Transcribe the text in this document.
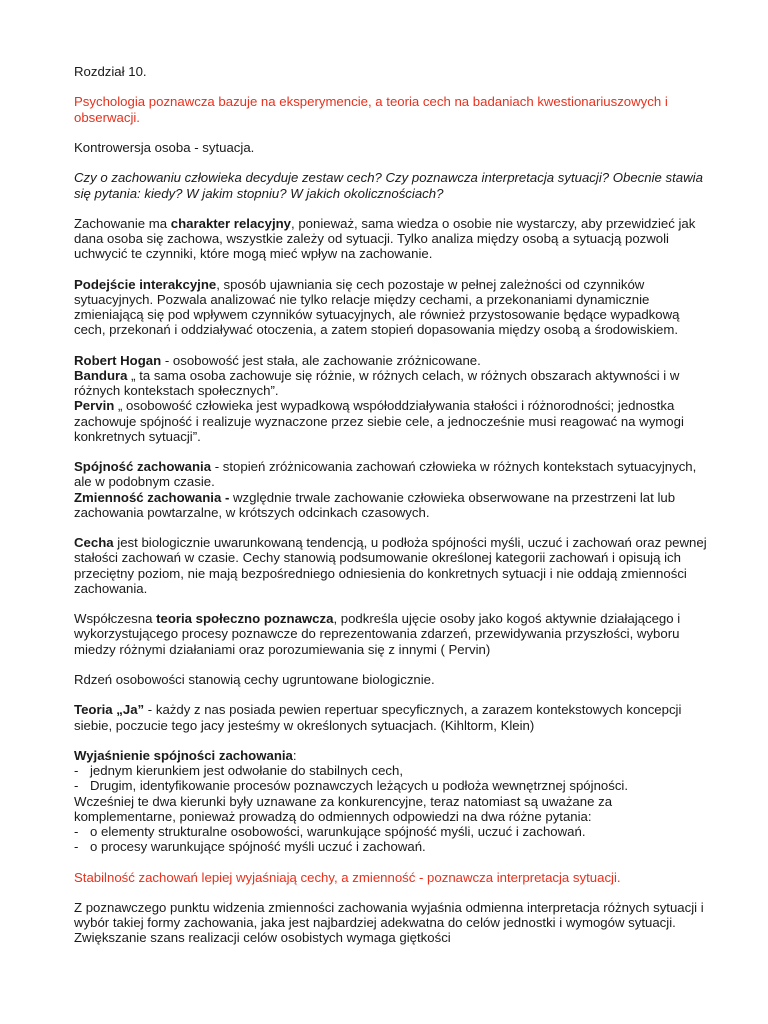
Rozdział 10.

Psychologia poznawcza bazuje na eksperymencie, a teoria cech na badaniach kwestionariuszowych i obserwacji.

Kontrowersja osoba - sytuacja.

Czy o zachowaniu człowieka decyduje zestaw cech? Czy poznawcza interpretacja sytuacji? Obecnie stawia się pytania: kiedy? W jakim stopniu? W jakich okolicznościach?

Zachowanie ma charakter relacyjny, ponieważ, sama wiedza o osobie nie wystarczy, aby przewidzieć jak dana osoba się zachowa, wszystkie zależy od sytuacji. Tylko analiza między osobą a sytuacją pozwoli uchwycić te czynniki, które mogą mieć wpływ na zachowanie.

Podejście interakcyjne, sposób ujawniania się cech pozostaje w pełnej zależności od czynników sytuacyjnych. Pozwala analizować nie tylko relacje między cechami, a przekonaniami dynamicznie zmieniającą się pod wpływem czynników sytuacyjnych, ale również przystosowanie będące wypadkową cech, przekonań i oddziaływać otoczenia, a zatem stopień dopasowania między osobą a środowiskiem.

Robert Hogan - osobowość jest stała, ale zachowanie zróżnicowane.
Bandura „ ta sama osoba zachowuje się różnie, w różnych celach, w różnych obszarach aktywności i w różnych kontekstach społecznych”.
Pervin „ osobowość człowieka jest wypadkową współoddziaływania stałości i różnorodności; jednostka zachowuje spójność i realizuje wyznaczone przez siebie cele, a jednocześnie musi reagować na wymogi konkretnych sytuacji”.

Spójność zachowania - stopień zróżnicowania zachowań człowieka w różnych kontekstach sytuacyjnych, ale w podobnym czasie.
Zmienność zachowania - względnie trwale zachowanie człowieka obserwowane na przestrzeni lat lub zachowania powtarzalne, w krótszych odcinkach czasowych.

Cecha jest biologicznie uwarunkowaną tendencją, u podłoża spójności myśli, uczuć i zachowań oraz pewnej stałości zachowań w czasie. Cechy stanowią podsumowanie określonej kategorii zachowań i opisują ich przeciętny poziom, nie mają bezpośredniego odniesienia do konkretnych sytuacji i nie oddają zmienności zachowania.

Współczesna teoria społeczno poznawcza, podkreśla ujęcie osoby jako kogoś aktywnie działającego i wykorzystującego procesy poznawcze do reprezentowania zdarzeń, przewidywania przyszłości, wyboru miedzy różnymi działaniami oraz porozumiewania się z innymi ( Pervin)

Rdzeń osobowości stanowią cechy ugruntowane biologicznie.

Teoria „Ja” - każdy z nas posiada pewien repertuar specyficznych, a zarazem kontekstowych koncepcji siebie, poczucie tego jacy jesteśmy w określonych sytuacjach. (Kihltorm, Klein)

Wyjaśnienie spójności zachowania:
- jednym kierunkiem jest odwołanie do stabilnych cech,
- Drugim, identyfikowanie procesów poznawczych leżących u podłoża wewnętrznej spójności.
Wcześniej te dwa kierunki były uznawane za konkurencyjne, teraz natomiast są uważane za komplementarne, ponieważ prowadzą do odmiennych odpowiedzi na dwa różne pytania:
- o elementy strukturalne osobowości, warunkujące spójność myśli, uczuć i zachowań.
- o procesy warunkujące spójność myśli uczuć i zachowań.

Stabilność zachowań lepiej wyjaśniają cechy, a zmienność - poznawcza interpretacja sytuacji.

Z poznawczego punktu widzenia zmienności zachowania wyjaśnia odmienna interpretacja różnych sytuacji i wybór takiej formy zachowania, jaka jest najbardziej adekwatna do celów jednostki i wymogów sytuacji. Zwiększanie szans realizacji celów osobistych wymaga giętkości
